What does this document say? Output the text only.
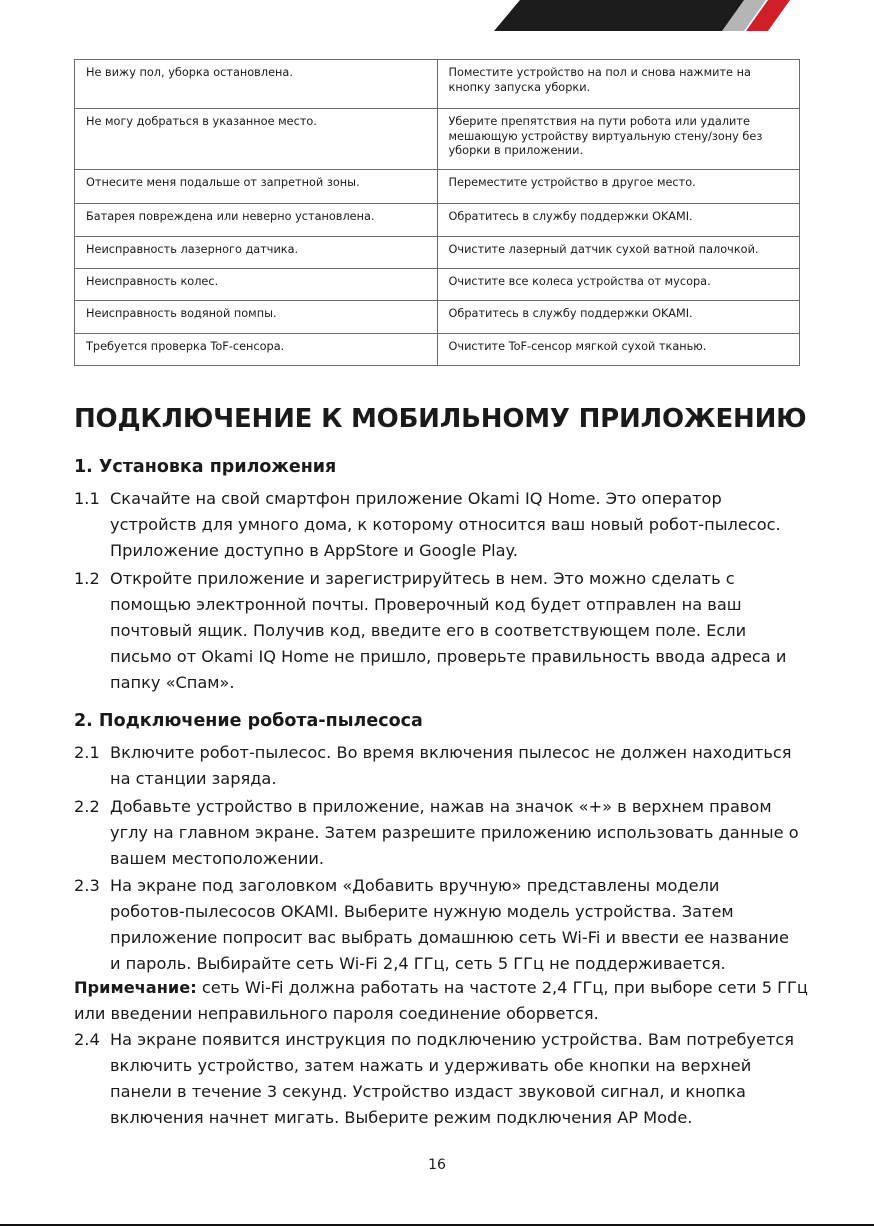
Не вижу пол, уборка остановлена.	Поместите устройство на пол и снова нажмите на кнопку запуска уборки.
Не могу добраться в указанное место.	Уберите препятствия на пути робота или удалите мешающую устройству виртуальную стену/зону без уборки в приложении.
Отнесите меня подальше от запретной зоны.	Переместите устройство в другое место.
Батарея повреждена или неверно установлена.	Обратитесь в службу поддержки OKAMI.
Неисправность лазерного датчика.	Очистите лазерный датчик сухой ватной палочкой.
Неисправность колес.	Очистите все колеса устройства от мусора.
Неисправность водяной помпы.	Обратитесь в службу поддержки OKAMI.
Требуется проверка ToF-сенсора.	Очистите ToF-сенсор мягкой сухой тканью.
ПОДКЛЮЧЕНИЕ К МОБИЛЬНОМУ ПРИЛОЖЕНИЮ
1. Установка приложения
1.1 Скачайте на свой смартфон приложение Okami IQ Home. Это оператор
устройств для умного дома, к которому относится ваш новый робот-пылесос.
Приложение доступно в AppStore и Google Play.
1.2 Откройте приложение и зарегистрируйтесь в нем. Это можно сделать с
помощью электронной почты. Проверочный код будет отправлен на ваш
почтовый ящик. Получив код, введите его в соответствующем поле. Если
письмо от Okami IQ Home не пришло, проверьте правильность ввода адреса и
папку «Спам».
2. Подключение робота-пылесоса
2.1 Включите робот-пылесос. Во время включения пылесос не должен находиться
на станции заряда.
2.2 Добавьте устройство в приложение, нажав на значок «+» в верхнем правом
углу на главном экране. Затем разрешите приложению использовать данные о
вашем местоположении.
2.3 На экране под заголовком «Добавить вручную» представлены модели
роботов-пылесосов OKAMI. Выберите нужную модель устройства. Затем
приложение попросит вас выбрать домашнюю сеть Wi-Fi и ввести ее название
и пароль. Выбирайте сеть Wi-Fi 2,4 ГГц, сеть 5 ГГц не поддерживается.
Примечание: сеть Wi-Fi должна работать на частоте 2,4 ГГц, при выборе сети 5 ГГц
или введении неправильного пароля соединение оборвется.
2.4 На экране появится инструкция по подключению устройства. Вам потребуется
включить устройство, затем нажать и удерживать обе кнопки на верхней
панели в течение 3 секунд. Устройство издаст звуковой сигнал, и кнопка
включения начнет мигать. Выберите режим подключения AP Mode.
16
